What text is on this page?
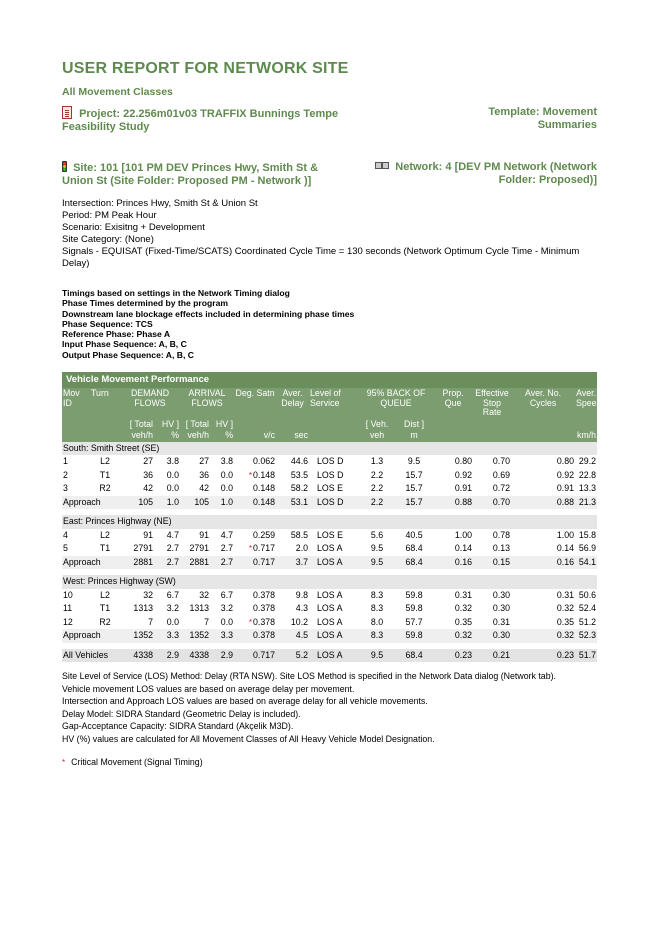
USER REPORT FOR NETWORK SITE
All Movement Classes
Project: 22.256m01v03 TRAFFIX Bunnings Tempe Feasibility Study
Template: Movement Summaries
Site: 101 [101 PM DEV Princes Hwy, Smith St & Union St (Site Folder: Proposed PM - Network )]
Network: 4 [DEV PM Network (Network Folder: Proposed)]
Intersection: Princes Hwy, Smith St & Union St
Period: PM Peak Hour
Scenario: Exisitng + Development
Site Category: (None)
Signals - EQUISAT (Fixed-Time/SCATS) Coordinated Cycle Time = 130 seconds (Network Optimum Cycle Time - Minimum Delay)
Timings based on settings in the Network Timing dialog
Phase Times determined by the program
Downstream lane blockage effects included in determining phase times
Phase Sequence: TCS
Reference Phase: Phase A
Input Phase Sequence: A, B, C
Output Phase Sequence: A, B, C
Vehicle Movement Performance
Mov ID	Turn	DEMAND FLOWS		ARRIVAL FLOWS		Deg. Satn	Aver. Delay	Level of Service	95% BACK OF QUEUE		Prop. Que	Effective Stop Rate	Aver. No. Cycles		Aver. Speed
		[ Total	HV ]	[ Total	HV ]				[ Veh.	Dist ]					
		veh/h	%	veh/h	%	v/c	sec		veh	m					km/h
South: Smith Street (SE)															
1	L2	27	3.8	27	3.8	0.062	44.6	LOS D	1.3	9.5	0.80	0.70	0.80		29.2
2	T1	36	0.0	36	0.0	*0.148	53.5	LOS D	2.2	15.7	0.92	0.69	0.92		22.8
3	R2	42	0.0	42	0.0	0.148	58.2	LOS E	2.2	15.7	0.91	0.72	0.91		13.3
Approach		105	1.0	105	1.0	0.148	53.1	LOS D	2.2	15.7	0.88	0.70	0.88		21.3

East: Princes Highway (NE)															
4	L2	91	4.7	91	4.7	0.259	58.5	LOS E	5.6	40.5	1.00	0.78	1.00		15.8
5	T1	2791	2.7	2791	2.7	*0.717	2.0	LOS A	9.5	68.4	0.14	0.13	0.14		56.9
Approach		2881	2.7	2881	2.7	0.717	3.7	LOS A	9.5	68.4	0.16	0.15	0.16		54.1

West: Princes Highway (SW)															
10	L2	32	6.7	32	6.7	0.378	9.8	LOS A	8.3	59.8	0.31	0.30	0.31		50.6
11	T1	1313	3.2	1313	3.2	0.378	4.3	LOS A	8.3	59.8	0.32	0.30	0.32		52.4
12	R2	7	0.0	7	0.0	*0.378	10.2	LOS A	8.0	57.7	0.35	0.31	0.35		51.2
Approach		1352	3.3	1352	3.3	0.378	4.5	LOS A	8.3	59.8	0.32	0.30	0.32		52.3

All Vehicles		4338	2.9	4338	2.9	0.717	5.2	LOS A	9.5	68.4	0.23	0.21	0.23		51.7
Site Level of Service (LOS) Method: Delay (RTA NSW). Site LOS Method is specified in the Network Data dialog (Network tab).
Vehicle movement LOS values are based on average delay per movement.
Intersection and Approach LOS values are based on average delay for all vehicle movements.
Delay Model: SIDRA Standard (Geometric Delay is included).
Gap-Acceptance Capacity: SIDRA Standard (Akçelik M3D).
HV (%) values are calculated for All Movement Classes of All Heavy Vehicle Model Designation.
* Critical Movement (Signal Timing)
